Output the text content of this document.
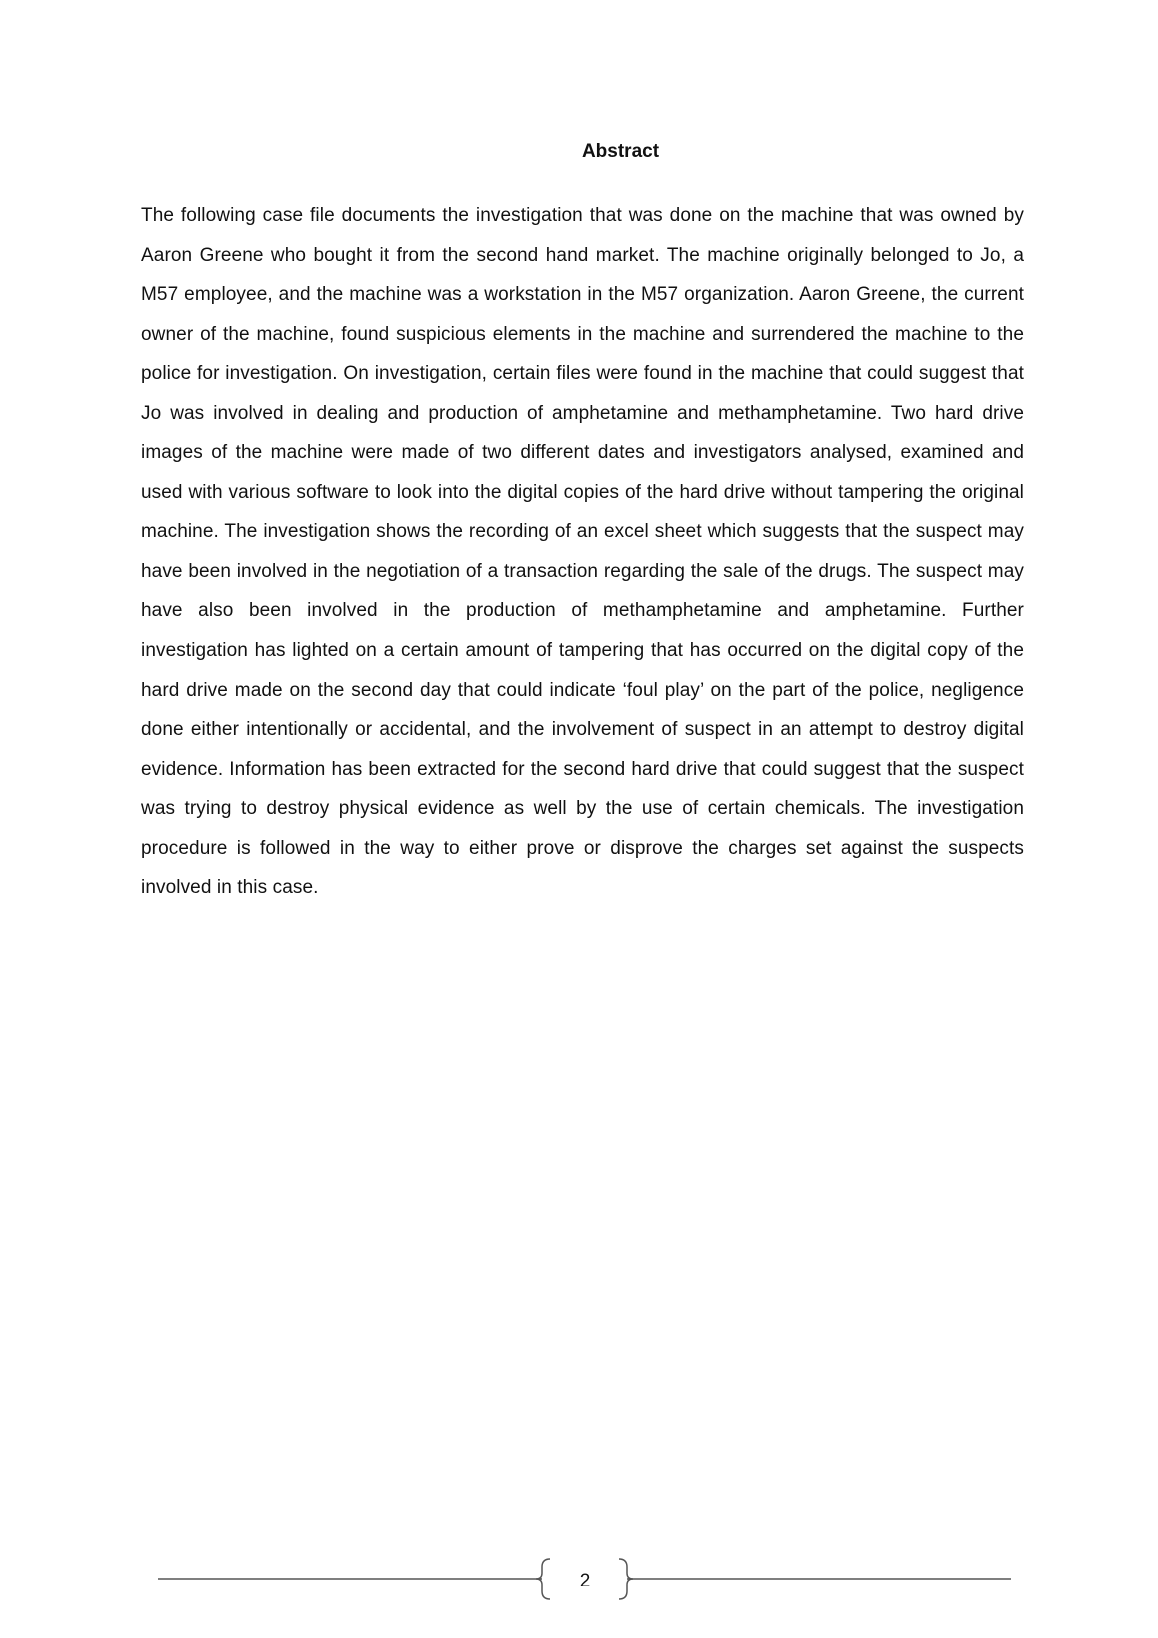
Abstract

The following case file documents the investigation that was done on the machine that was owned by Aaron Greene who bought it from the second hand market. The machine originally belonged to Jo, a M57 employee, and the machine was a workstation in the M57 organization. Aaron Greene, the current owner of the machine, found suspicious elements in the machine and surrendered the machine to the police for investigation. On investigation, certain files were found in the machine that could suggest that Jo was involved in dealing and production of amphetamine and methamphetamine. Two hard drive images of the machine were made of two different dates and investigators analysed, examined and used with various software to look into the digital copies of the hard drive without tampering the original machine. The investigation shows the recording of an excel sheet which suggests that the suspect may have been involved in the negotiation of a transaction regarding the sale of the drugs. The suspect may have also been involved in the production of methamphetamine and amphetamine. Further investigation has lighted on a certain amount of tampering that has occurred on the digital copy of the hard drive made on the second day that could indicate ‘foul play’ on the part of the police, negligence done either intentionally or accidental, and the involvement of suspect in an attempt to destroy digital evidence. Information has been extracted for the second hard drive that could suggest that the suspect was trying to destroy physical evidence as well by the use of certain chemicals. The investigation procedure is followed in the way to either prove or disprove the charges set against the suspects involved in this case.

2
